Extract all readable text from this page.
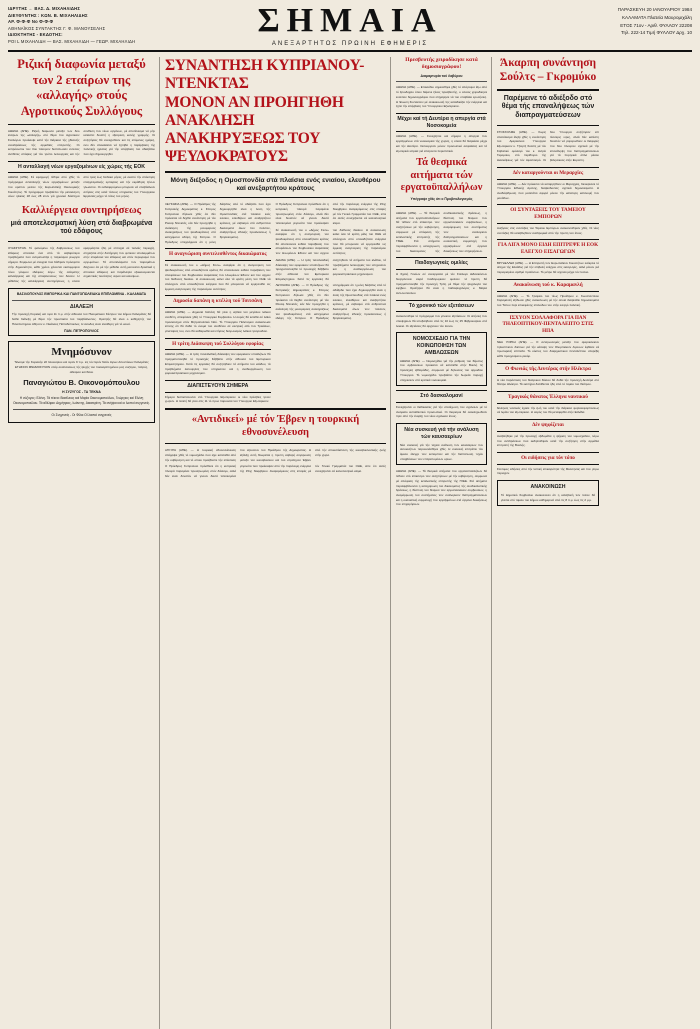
ΙΔΡΥΤΗΣ ← ΒΑΣ. Δ. ΜΙΧΑΗΛΙΔΗΣ
ΔΙΕΥΘΥΝΤΗΣ : ΚΩΝ. Β. ΜΙΧΑΗΛΙΔΗΣ
ΑΡ. Φ-Φ-Φ Νο Φ-Φ-Φ
ΑΘΗΝΑΪΚΟΣ ΣΥΝΤΑΚΤΗΣ Γ. Φ. ΜΑΝΟΥΣΕΛΗΣ
ΙΔΙΟΚΤΗΤΗΣ - ΕΚΔΟΤΗΣ:
ΡΟΙ L ΜΙΧΑΗΛΙΔΗ — ΒΑΣ. ΜΙΧΑΗΛΙΔΗ — ΓΕΩΡ. ΜΙΧΑΗΛΙΔΗ
ΣΗΜΑΙΑ
ΑΝΕΞΑΡΤΗΤΟΣ ΠΡΩΙΝΗ ΕΦΗΜΕΡΙΣ
ΠΑΡΑΣΚΕΥΗ 20 ΙΑΝΟΥΑΡΙΟΥ 1984
ΚΑΛΑΜΑΤΑ Πλατεία Μαυρομιχάλη
ΕΤΟΣ 71ον - Αριθ. ΦΥΛΛΟΥ 22208
Τηλ. 222-14 Τιμή ΦΥΛΛΟΥ Δρχ. 10
Ριζική διαφωνία μεταξύ των 2 εταίρων της «αλλαγής» στούς Αγροτικούς Συλλόγους
ΑΘΗΝΑ (ΑΠΕ). Ριζική διαφωνία μεταξύ των δύο εταίρων της «αλλαγής» στό θέμα τών Αγροτικών Συλλόγων προέκυψε κατά τήν διάρκεια τής χθεσινής συνεδριάσεως τής αρμοδίας επιτροπής. Οι εκπρόσωποι τών δύο πλευρών διατύπωσαν εντελώς αντίθετες απόψεις γιά τόν τρόπο λειτουργίας καί τήν σύνθεση τών νέων οργάνων, μέ αποτέλεσμα νά μήν καταστεί δυνατή η εξεύρεση κοινής γραμμής. Οι συζητήσεις θά συνεχισθούν καί τίς επόμενες ημέρες, ενώ δέν αποκλείεται νά ζητηθεί η παρέμβαση τής πολιτικής ηγεσίας γιά τήν υπέρβαση τού αδιεξόδου πού έχει δημιουργηθεί.
Η ανταλλαγή νέων εργαζομένων είς χώρες τής ΕΟΚ
ΑΘΗΝΑ (ΑΠΕ). Σέ εφαρμογή τέθηκε από χθές τό πρόγραμμα ανταλλαγής νέων εργαζομένων μεταξύ τών κρατών μελών τής Ευρωπαϊκής Οικονομικής Κοινότητος. Τό πρόγραμμα προβλέπει τήν μετακίνηση νέων ηλικίας 18 έως 28 ετών γιά χρονικό διάστημα από τρείς έως δώδεκα μήνες, μέ σκοπό τήν απόκτηση επαγγελματικής εμπειρίας καί τήν εκμάθηση ξένων γλωσσών. Οι ενδιαφερόμενοι μπορούν νά υποβάλλουν αιτήσεις στίς κατά τόπους υπηρεσίες τού Υπουργείου Εργασίας μέχρι τό τέλος τού μηνός.
Καλλιέργεια συντηρήσεως
μιά αποτελεσματική λύση στά διαβρωμένα τού εδάφους
ΟΥΑΣΙΓΚΤΩΝ. Τό φαινόμενο τής διαβρώσεως τού εδάφους αποτελεί ένα από τά σοβαρότερα προβλήματα πού αντιμετωπίζει η παγκόσμια γεωργία σήμερα. Σύμφωνα μέ στοιχεία πού δόθηκαν πρόσφατα στήν δημοσιότητα, κάθε χρόνο χάνονται εκατομμύρια τόνοι γόνιμου εδάφους λόγω τής αλόγιστης καλλιέργειας καί τής αποψιλώσεως τών δασών. Η μέθοδος τής καλλιέργειας συντηρήσεως, η οποία εφαρμόζεται ήδη μέ επιτυχία σέ πολλές περιοχές, στηρίζεται στήν διατήρηση τών φυτικών υπολειμμάτων στήν επιφάνεια τού εδάφους καί στόν περιορισμό τών οργωμάτων. Τά αποτελέσματα τών πειραμάτων δείχνουν ότι μέ τήν μέθοδο αυτή μειώνεται δραστικά η απώλεια εδάφους καί παράλληλα εξοικονομούνται σημαντικές ποσότητες νερού καί καυσίμων.
ΒΑΣΙΛΟΠΟΥΛΟΣ ΕΜΠΟΡΙΚΑ ΚΑΙ ΠΑΝΤΟΠΩΛΕΙΑΚΑ ΕΠΙΠΛΩΜΕΝΑ - ΚΑΛΑΜΑΤΑ
ΔΙΑΛΕΞΗ
Τήν προσεχή Κυριακή καί ώρα 11 π.μ. στήν αίθουσα τού Πνευματικού Κέντρου τού Δήμου Καλαμάτας θά δοθεί διάλεξη μέ θέμα τήν προστασία τού περιβάλλοντος. Ομιλητής θά είναι ο καθηγητής τού Πανεπιστημίου Αθηνών κ. Νικόλαος Παπαδόπουλος. Η είσοδος είναι ελεύθερη γιά τό κοινό.
ΠΑΝ. ΠΕΤΡΟΠΟΥΛΟΣ
Μνημόσυνον
Τελούμε τήν Κυριακήν 22 Ιανουαρίου καί ώραν 9 π.μ. είς τόν Ιερόν Ναόν Αγίων Αποστόλων Καλαμάτας ΕΤΗΣΙΟΝ ΜΝΗΜΟΣΥΝΟΝ υπέρ αναπαύσεως τής ψυχής τού πολυαγαπημένου μας συζύγου, πατρός, αδελφού καί θείου
Παναγιώτου Β. Οικονομόπουλου
Η ΣΥΖΥΓΟΣ - ΤΑ ΤΕΚΝΑ
Η σύζυγος: Ελένη. Τά τέκνα: Βασίλειος καί Μαρία Οικονομοπούλου, Γεώργιος καί Ελένη Οικονομοπούλου. Τά αδέλφια: Δημήτριος, Ιωάννης, Αικατερίνη. Τά ανήψια καί οι λοιποί συγγενείς.
Οι Συγγενείς - Οι Φίλοι Οί λοιποί συγγενείς
ΣΥΝΑΝΤΗΣΗ ΚΥΠΡΙΑΝΟΥ-ΝΤΕΝΚΤΑΣ
ΜΟΝΟΝ ΑΝ ΠΡΟΗΓΗΘΗ ΑΝΑΚΛΗΣΗ
ΑΝΑΚΗΡΥΞΕΩΣ ΤΟΥ ΨΕΥΔΟΚΡΑΤΟΥΣ
Μόνη διέξοδος η Ομοσπονδία στά πλαίσια ενός ενιαίου, ελευθέρου καί ανεξαρτήτου κράτους
ΛΕΥΚΩΣΙΑ (ΑΠΕ). — Ο Πρόεδρος τής Κυπριακής Δημοκρατίας κ. Σπύρος Κυπριανού δήλωσε χθές ότι δέν πρόκειται νά δεχθεί συνάντηση μέ τόν Ραούφ Ντενκτάς, εάν δέν προηγηθεί η ανάκληση τής μονομερούς ανακηρύξεως τού ψευδοκράτους στά κατεχόμενα εδάφη τής Κύπρου. Ο Πρόεδρος υπεγράμμισε ότι η μόνη διέξοδος από τό αδιέξοδο πού έχει δημιουργηθεί είναι η λύση τής Ομοσπονδίας στά πλαίσια ενός ενιαίου, ελευθέρου καί ανεξαρτήτου κράτους, μέ σεβασμό στά ανθρώπινα δικαιώματα όλων τών πολιτών, ανεξαρτήτως εθνικής προελεύσεως ή θρησκεύματος.
Η αναγνώριση συντελεσθέντος δικαιώματος
Σέ ανακοίνωσή του ο «Δήμος Σιών» αναφέρει ότι η αναγνώριση τού ψευδοκράτους από οποιοδήποτε κράτος θά αποτελούσε ευθεία παραβίαση τών αποφάσεων τού Συμβουλίου Ασφαλείας τών Ηνωμένων Εθνών καί τών αρχών τού διεθνούς δικαίου. Η ανακοίνωση καλεί όλα τά κράτη μέλη τού ΟΗΕ νά απόσχουν από οποιαδήποτε ενέργεια πού θά μπορούσε νά ερμηνευθεί ώς έμμεση αναγνώριση τής παρανόμου οντότητος.
Δημοσία δαπάνη η κτέλλη τού Τσιτσάνη
ΑΘΗΝΑ (ΑΠΕ). — Δημοσία δαπάνη θά γίνει η κηδεία τού μεγάλου λαϊκού συνθέτη, απεφάσισε χθές τό Υπουργικό Συμβούλιο. Η σορός θά εκτεθεί σέ λαϊκό προσκύνημα στόν Μητροπολιτικό Ναό. Τό Υπουργείο Πολιτισμού ανακοίνωσε επίσης ότι θά δοθεί τό όνομα τού συνθέτου σέ κεντρική οδό τών Τρικάλων, γενετείρας του, ενώ θά καθιερωθεί καί ετήσιος διαγωνισμός λαϊκού τραγουδιού.
Η τρίτη Διάσκεψη τού Συλλόγου εφορίας
ΑΘΗΝΑ (ΑΠΕ). — Η τρίτη πανελλαδική διάσκεψη τών εφοριακών υπαλλήλων θά πραγματοποιηθεί τό προσεχές Σάββατο στήν αίθουσα τού Εμπορικού Επιμελητηρίου. Κατά τίς εργασίες θά συζητηθούν τά αιτήματα τού κλάδου, τά προβλήματα λειτουργίας τών υπηρεσιών καί η αναδιοργάνωση τού φοροεισπρακτικού μηχανισμού.
ΔΙΑΠΙΣΤΕΥΟΥΝ ΣΗΜΕΡΑ
Σήμερα διαπιστεύονται στό Υπουργείο Εξωτερικών οι νέοι πρέσβεις τριών χωρών. Η τελετή θά γίνει στίς 11 τό πρωί παρουσία τού Υπουργού Εξωτερικών.
Ο Πρόεδρος Κυπριανού πρόσθεσε ότι η κυπριακή πλευρά παραμένει προσηλωμένη στόν διάλογο, αλλά δέν είναι δυνατόν νά γίνουν δεκτά τετελεσμένα γεγονότα πού προέκυψαν από τήν παράνομη ενέργεια τής 15ης Νοεμβρίου. Αναφερόμενος στίς επαφές μέ τόν Γενικό Γραμματέα τού ΟΗΕ, είπε ότι αυτές συνεχίζονται σέ ικανοποιητικό κλίμα.
Σέ ανακοίνωσή του ο «Δήμος Σιών» αναφέρει ότι η αναγνώριση τού ψευδοκράτους από οποιοδήποτε κράτος θά αποτελούσε ευθεία παραβίαση τών αποφάσεων τού Συμβουλίου Ασφαλείας τών Ηνωμένων Εθνών καί τών αρχών τού διεθνούς δικαίου. Η ανακοίνωση καλεί όλα τά κράτη μέλη τού ΟΗΕ νά απόσχουν από οποιαδήποτε ενέργεια πού θά μπορούσε νά ερμηνευθεί ώς έμμεση αναγνώριση τής παρανόμου οντότητος.
ΑΘΗΝΑ (ΑΠΕ). — Η τρίτη πανελλαδική διάσκεψη τών εφοριακών υπαλλήλων θά πραγματοποιηθεί τό προσεχές Σάββατο στήν αίθουσα τού Εμπορικού Επιμελητηρίου. Κατά τίς εργασίες θά συζητηθούν τά αιτήματα τού κλάδου, τά προβλήματα λειτουργίας τών υπηρεσιών καί η αναδιοργάνωση τού φοροεισπρακτικού μηχανισμού.
ΛΕΥΚΩΣΙΑ (ΑΠΕ). — Ο Πρόεδρος τής Κυπριακής Δημοκρατίας κ. Σπύρος Κυπριανού δήλωσε χθές ότι δέν πρόκειται νά δεχθεί συνάντηση μέ τόν Ραούφ Ντενκτάς, εάν δέν προηγηθεί η ανάκληση τής μονομερούς ανακηρύξεως τού ψευδοκράτους στά κατεχόμενα εδάφη τής Κύπρου. Ο Πρόεδρος υπεγράμμισε ότι η μόνη διέξοδος από τό αδιέξοδο πού έχει δημιουργηθεί είναι η λύση τής Ομοσπονδίας στά πλαίσια ενός ενιαίου, ελευθέρου καί ανεξαρτήτου κράτους, μέ σεβασμό στά ανθρώπινα δικαιώματα όλων τών πολιτών, ανεξαρτήτως εθνικής προελεύσεως ή θρησκεύματος.
«Αντιδικεί» μέ τόν Έβρεν η τουρκική εθνοσυνέλευση
ΑΓΚΥΡΑ (ΑΠΕ). — Η τουρκική εθνοσυνέλευση απέρριψε χθές τό νομοσχέδιο πού είχε κατατεθεί από τήν κυβέρνηση καί τό οποίο προέβλεπε τήν επέκταση τών εξουσιών τού Προέδρου τής Δημοκρατίας. Η εξέλιξη αυτή θεωρείται η πρώτη σοβαρή σύγκρουση μεταξύ τού κοινοβουλίου καί τού στρατηγού Έβρεν από τήν αποκατάσταση τής κοινοβουλευτικής ζωής στήν χώρα.
Ο Πρόεδρος Κυπριανού πρόσθεσε ότι η κυπριακή πλευρά παραμένει προσηλωμένη στόν διάλογο, αλλά δέν είναι δυνατόν νά γίνουν δεκτά τετελεσμένα γεγονότα πού προέκυψαν από τήν παράνομη ενέργεια τής 15ης Νοεμβρίου. Αναφερόμενος στίς επαφές μέ τόν Γενικό Γραμματέα τού ΟΗΕ, είπε ότι αυτές συνεχίζονται σέ ικανοποιητικό κλίμα.
Πρεσβευτής χειροδίκησε κατά δημοσιογράφου!
Διαμαρτυρία τού Λαβύρου
ΑΘΗΝΑ (ΑΠΕ). — Επεισόδιο σημειώθηκε χθές τό απόγευμα έξω από τό ξενοδοχείο όπου διέμενε ξένος πρεσβευτής, ο οποίος χειροδίκησε εναντίον δημοσιογράφου πού επιχείρησε νά τού υποβάλει ερωτήσεις. Η Ένωση Συντακτών μέ ανακοίνωσή της καταδικάζει τήν ενέργεια καί ζητεί τήν επέμβαση τού Υπουργείου Εξωτερικών.
Μέχρι καί τή Δευτέρα η απεργία στά Νοσοκομεία
ΑΘΗΝΑ (ΑΠΕ). — Συνεχίζεται καί σήμερα η απεργία τών εργαζομένων στά νοσοκομεία τής χώρας, η οποία θά διαρκέσει μέχρι καί τήν Δευτέρα. Λειτουργούν μόνον προσωπικό ασφαλείας καί τά εξωτερικά ιατρεία γιά επείγοντα περιστατικά.
Τά θεσμικά αιτήματα τών εργατοϋπαλλήλων
Υπέγραψε χθές ότι ο Προβιτολογισμός
ΑΘΗΝΑ (ΑΠΕ). — Τά θεσμικά αιτήματα τών εργατοϋπαλλήλων θά τεθούν στό επίκεντρο τών συζητήσεων μέ τήν κυβέρνηση, σύμφωνα μέ απόφαση τής εκτελεστικής επιτροπής τής ΓΣΕΕ. Στά αιτήματα περιλαμβάνονται η κατοχύρωση τού δικαιώματος τής συνδικαλιστικής δράσεως, η θέσπιση τού θεσμού τών εργοστασιακών συμβουλίων, η αναμόρφωση τού συστήματος τών συλλογικών διαπραγματεύσεων καί η ουσιαστική συμμετοχή τών εργαζομένων στά όργανα διοικήσεως τών επιχειρήσεων.
Παιδαγωγικές ομιλίες
Η Σχολή Γονέων σέ συνεργασία μέ τόν Σύλλογο Διδασκόντων διοργανώνει σειρά παιδαγωγικών ομιλιών. Η πρώτη θά πραγματοποιηθεί τήν προσεχή Τρίτη μέ θέμα τήν ψυχολογία τού εφήβου. Ομιλήτρια θά είναι η παιδοψυχολόγος κ. Μαρία Αντωνοπούλου.
Τό χρονικό τών εξετάσεων
Ανακοινώθηκε τό πρόγραμμα τών γενικών εξετάσεων. Οι αιτήσεις τών υποψηφίων θά υποβληθούν από τίς 10 έως τίς 25 Φεβρουαρίου στά λύκεια. Οι εξετάσεις θά αρχίσουν τόν Ιούνιο.
ΝΟΜΟΣΧΕΔΙΟ ΓΙΑ ΤΗΝ ΚΟΙΝΩΠΟΙΗΣΗ ΤΩΝ ΑΜΒΛΩΣΕΩΝ
ΑΘΗΝΑ (ΑΠΕ). — Νομοσχέδιο γιά τήν ρύθμιση τού θέματος τών αμβλώσεων πρόκειται νά κατατεθεί στήν Βουλή τίς προσεχείς εβδομάδες, σύμφωνα μέ δηλώσεις τού αρμοδίου Υπουργού. Τό νομοσχέδιο προβλέπει τήν δωρεάν παροχή υπηρεσιών στά κρατικά νοσοκομεία.
Στό δασκαλομανί
Συνεχίζονται οι διαδικασίες γιά τήν στελέχωση τών σχολείων μέ τό αναγκαίο εκπαιδευτικό προσωπικό. Οι διορισμοί θά ολοκληρωθούν πρίν από τήν έναρξη τού νέου σχολικού έτους.
Νέα συσκευή γιά τήν ανάλυση τών καυσαερίων
Νέα συσκευή γιά τήν ταχεία ανάλυση τών καυσαερίων τών αυτοκινήτων παρουσιάσθηκε χθές. Η συσκευή επιτρέπει τόν άμεσο έλεγχο τών εκπομπών καί τήν διαπίστωση τυχόν υπερβάσεων τών επιτρεπομένων ορίων.
ΑΘΗΝΑ (ΑΠΕ). — Τά θεσμικά αιτήματα τών εργατοϋπαλλήλων θά τεθούν στό επίκεντρο τών συζητήσεων μέ τήν κυβέρνηση, σύμφωνα μέ απόφαση τής εκτελεστικής επιτροπής τής ΓΣΕΕ. Στά αιτήματα περιλαμβάνονται η κατοχύρωση τού δικαιώματος τής συνδικαλιστικής δράσεως, η θέσπιση τού θεσμού τών εργοστασιακών συμβουλίων, η αναμόρφωση τού συστήματος τών συλλογικών διαπραγματεύσεων καί η ουσιαστική συμμετοχή τών εργαζομένων στά όργανα διοικήσεως τών επιχειρήσεων.
Άκαρπη συνάντηση Σούλτς – Γκρομύκο
Παρέμεινε τό αδιέξοδο στό θέμα τής επαναλήψεως τών διαπραγματεύσεων
ΣΤΟΚΧΟΛΜΗ (ΑΠΕ). — Χωρίς αποτέλεσμα έληξε χθές η συνάντηση τού Αμερικανού Υπουργού Εξωτερικών κ. Τζώρτζ Σούλτς μέ τόν Σοβιετικό ομόλογό του κ. Αντρέι Γκρομύκο, στό περιθώριο τής Διασκέψεως γιά τόν Αφοπλισμό. Οι δύο Υπουργοί συζήτησαν επί τέσσερις ώρες, αλλά δέν κατέστη δυνατόν νά γεφυρωθούν οι διαφορές τών δύο πλευρών σχετικά μέ τήν επανάληψη τών διαπραγματεύσεων γιά τά πυρηνικά όπλα μέσου βεληνεκούς στήν Ευρώπη.
Δέν καταργούνται οι Μεραρχίες
ΑΘΗΝΑ (ΑΠΕ). — Δέν πρόκειται νά καταργηθούν οι Μεραρχίες, διευκρίνισε τό Υπουργείο Εθνικής Αμύνης, διαψεύδοντας σχετικά δημοσιεύματα. Η αναδιάρθρωση πού μελετάται αφορά μόνον τήν καλύτερη κατανομή τών μονάδων.
ΟΙ ΣΥΝΤΑΞΕΙΣ ΤΟΥ ΤΑΜΕΙΟΥ ΕΜΠΟΡΩΝ
Αυξήσεις στίς συντάξεις τού Ταμείου Εμπόρων ανακοινώθηκαν χθές. Οι νέες συντάξεις θά καταβληθούν αναδρομικά από τήν πρώτη τού έτους.
ΓΙΑ ΛΙΓΑ ΜΟΝΟ ΕΙΔΗ ΕΠΙΤΡΕΨΕ Η ΕΟΚ ΕΛΕΓΧΟ ΕΙΣΑΓΩΓΩΝ
ΒΡΥΞΕΛΛΕΣ (ΑΠΕ). — Η Επιτροπή τών Ευρωπαϊκών Κοινοτήτων ενέκρινε τό αίτημα τής Ελλάδος γιά τήν επιβολή ελέγχου στίς εισαγωγές, αλλά μόνον γιά περιορισμένο αριθμό προϊόντων. Τό μέτρο θά ισχύσει μέχρι τόν Ιούνιο.
Ανακοίνωση τού κ. Καραμανλή
ΑΘΗΝΑ (ΑΠΕ). — Τό Γραφείο τού τέως Προέδρου κ. Κωνσταντίνου Καραμανλή εξέδωσε χθές ανακοίνωση μέ τήν οποία διαψεύδει δημοσιεύματα τού Τύπου περί επικειμένης επανόδου του στήν ενεργό πολιτική.
ΙΣΧΥΟΝ ΣΟΛΛΑΦΟΡΑ ΓΙΑ ΠΑΝ ΤΗΛΕΟΠΤΙΚΟΥ-ΠΕΝΤΑΛΕΠΤΟ ΣΤΙΣ ΗΠΑ
ΝΕΑ ΥΟΡΚΗ (ΑΠΕ). — Ο ανταγωνισμός μεταξύ τών αμερικανικών τηλεοπτικών δικτύων γιά τήν κάλυψη τών Ολυμπιακών Αγώνων έφθασε σέ πρωτοφανή επίπεδα. Τό κόστος τού διαφημιστικού πενταλέπτου υπερέβη κάθε προηγούμενο ρεκόρ.
Ο Φωνιάς τής Δευτέρας στήν Ηλέκτρα
Η νέα παράσταση τού θεατρικού θιάσου θά δοθεί τήν προσεχή Δευτέρα στό θέατρο Ηλέκτρα. Τά εισιτήρια διατίθενται ήδη από τό ταμείο τού θεάτρου.
Τραγικός θάνατος Έλληνα ναυτικού
Έλληνας ναυτικός έχασε τήν ζωή του κατά τήν διάρκεια φορτοεκφορτώσεως σέ λιμάνι τού εξωτερικού. Η σορός του θά μεταφερθεί στήν Ελλάδα.
Δέν ψηφίζεται
Αναβλήθηκε γιά τήν προσεχή εβδομάδα η ψήφιση τού νομοσχεδίου, λόγω τών αντιδράσεων πού εκδηλώθηκαν κατά τήν συζήτηση στήν αρμόδια επιτροπή τής Βουλής.
Οι ειδήσεις για τόν τόπο
Σύντομες ειδήσεις από τήν τοπική επικαιρότητα τής Μεσσηνίας καί τών γύρω περιοχών.
ΑΝΑΚΟΙΝΩΣΗ
Τό Δημοτικό Συμβούλιο ανακοινώνει ότι η καταβολή τών τελών θά γίνεται στό ταμείο τού Δήμου καθημερινά από τίς 8 π.μ. έως τίς 2 μ.μ.
